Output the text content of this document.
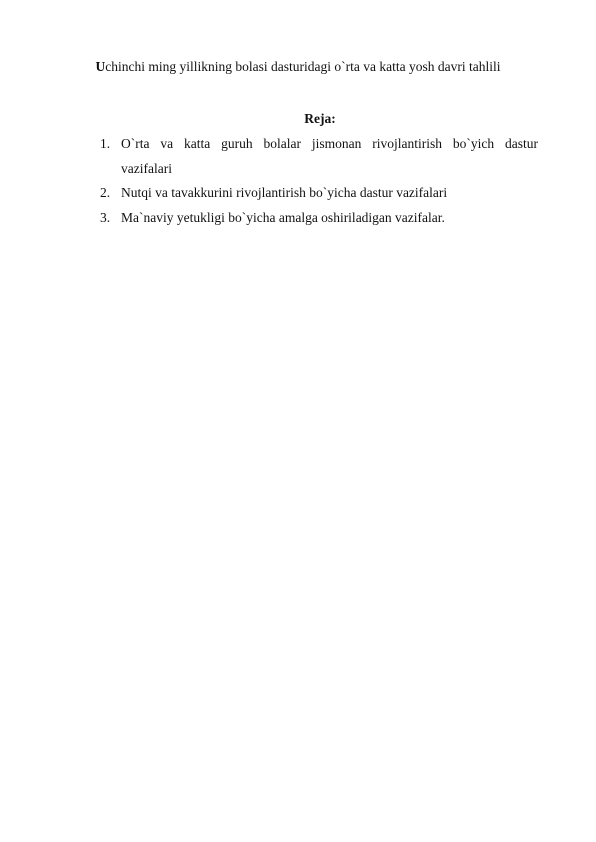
Uchinchi ming yillikning bolasi dasturidagi o`rta va katta yosh davri tahlili
Reja:
1. O`rta va katta guruh bolalar jismonan rivojlantirish bo`yich dastur
vazifalari
2. Nutqi va tavakkurini rivojlantirish bo`yicha dastur vazifalari
3. Ma`naviy yetukligi bo`yicha amalga oshiriladigan vazifalar.
